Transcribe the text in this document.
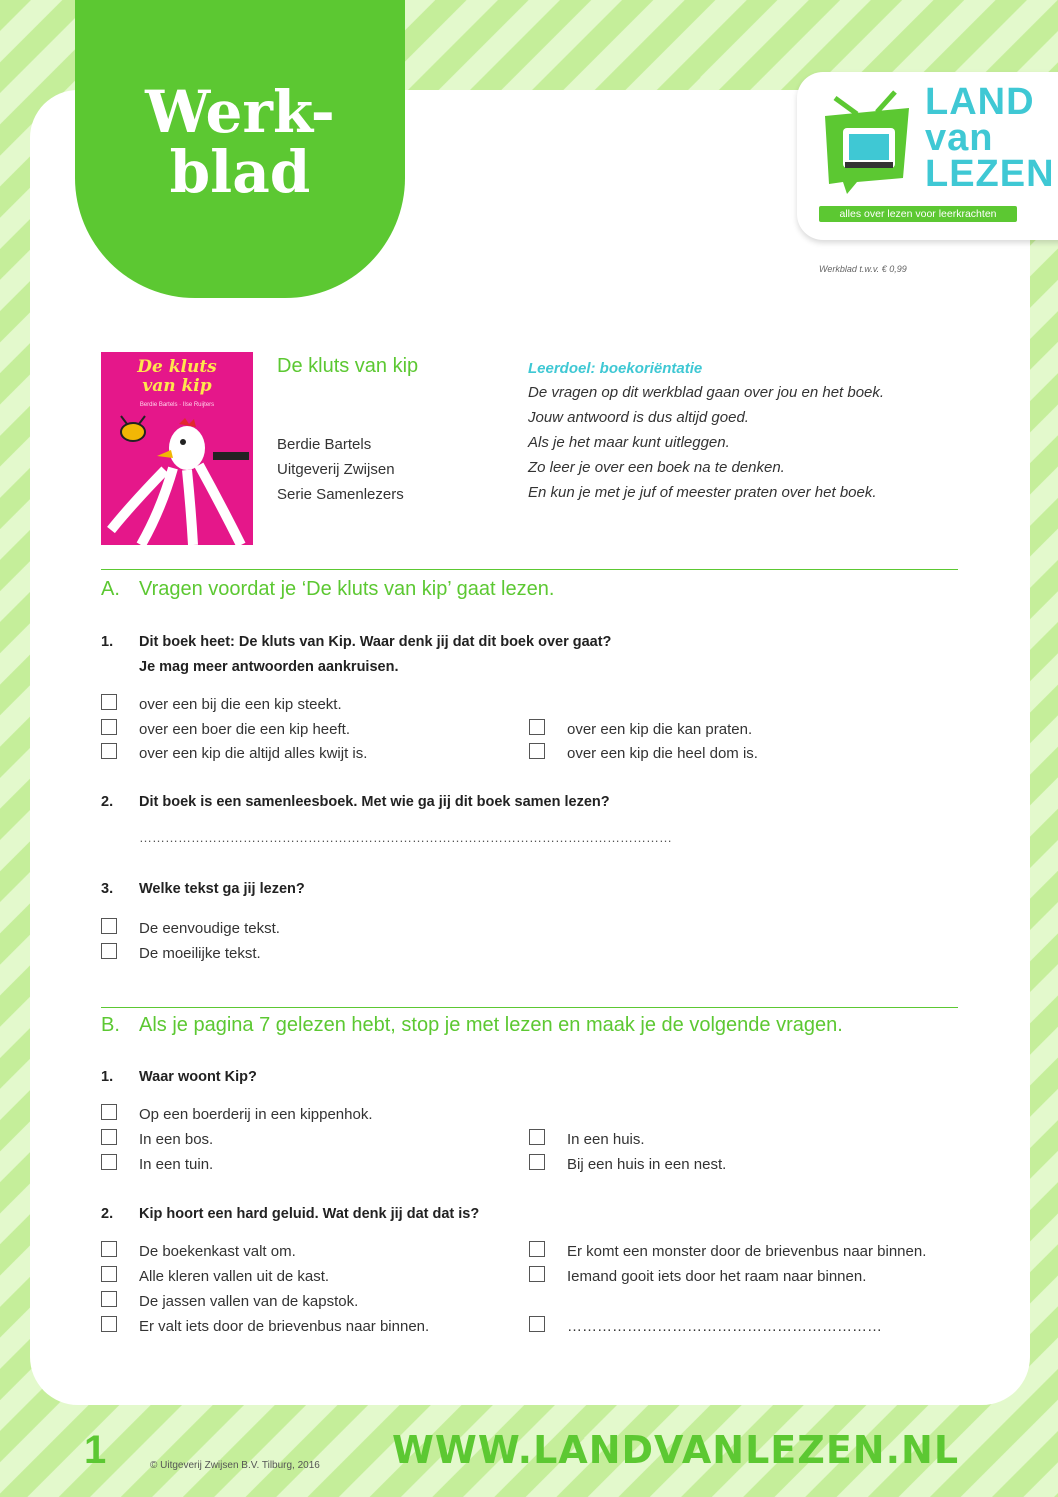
Werk-
blad
LAND
van
LEZEN
alles over lezen voor leerkrachten
Werkblad t.w.v. € 0,99
De kluts
van kip
Berdie Bartels · Ilse Ruijters
De kluts van kip
Berdie Bartels
Uitgeverij Zwijsen
Serie Samenlezers
Leerdoel: boekoriëntatie
De vragen op dit werkblad gaan over jou en het boek.
Jouw antwoord is dus altijd goed.
Als je het maar kunt uitleggen.
Zo leer je over een boek na te denken.
En kun je met je juf of meester praten over het boek.
A. Vragen voordat je ‘De kluts van kip’ gaat lezen.
1. Dit boek heet: De kluts van Kip. Waar denk jij dat dit boek over gaat?
Je mag meer antwoorden aankruisen.
over een bij die een kip steekt.
over een boer die een kip heeft.
over een kip die altijd alles kwijt is.
over een kip die kan praten.
over een kip die heel dom is.
2. Dit boek is een samenleesboek. Met wie ga jij dit boek samen lezen?
……………………………………………………………………………………………………………
3. Welke tekst ga jij lezen?
De eenvoudige tekst.
De moeilijke tekst.
B. Als je pagina 7 gelezen hebt, stop je met lezen en maak je de volgende vragen.
1. Waar woont Kip?
Op een boerderij in een kippenhok.
In een bos.
In een tuin.
In een huis.
Bij een huis in een nest.
2. Kip hoort een hard geluid. Wat denk jij dat dat is?
De boekenkast valt om.
Alle kleren vallen uit de kast.
De jassen vallen van de kapstok.
Er valt iets door de brievenbus naar binnen.
Er komt een monster door de brievenbus naar binnen.
Iemand gooit iets door het raam naar binnen.
………………………………………………………
1	© Uitgeverij Zwijsen B.V. Tilburg, 2016 WWW.LANDVANLEZEN.NL
